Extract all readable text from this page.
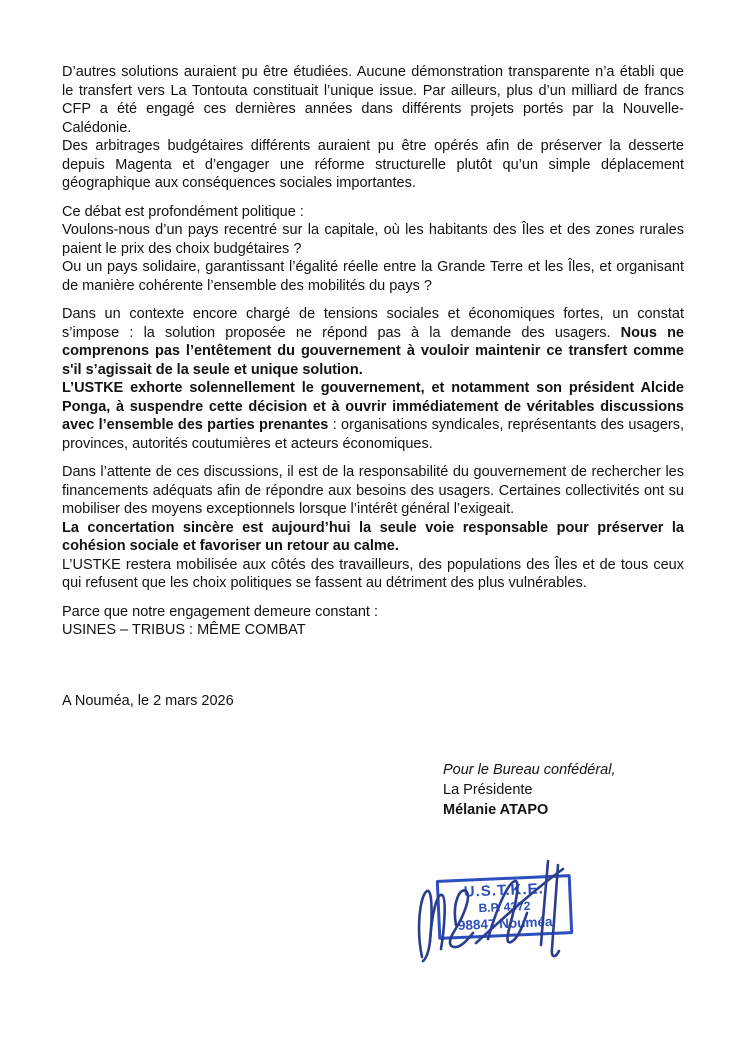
D’autres solutions auraient pu être étudiées. Aucune démonstration transparente n’a établi que le transfert vers La Tontouta constituait l’unique issue. Par ailleurs, plus d’un milliard de francs CFP a été engagé ces dernières années dans différents projets portés par la Nouvelle-Calédonie.

Des arbitrages budgétaires différents auraient pu être opérés afin de préserver la desserte depuis Magenta et d’engager une réforme structurelle plutôt qu’un simple déplacement géographique aux conséquences sociales importantes.

Ce débat est profondément politique :

Voulons-nous d’un pays recentré sur la capitale, où les habitants des Îles et des zones rurales paient le prix des choix budgétaires ?

Ou un pays solidaire, garantissant l’égalité réelle entre la Grande Terre et les Îles, et organisant de manière cohérente l’ensemble des mobilités du pays ?

Dans un contexte encore chargé de tensions sociales et économiques fortes, un constat s’impose : la solution proposée ne répond pas à la demande des usagers. Nous ne comprenons pas l’entêtement du gouvernement à vouloir maintenir ce transfert comme s'il s’agissait de la seule et unique solution.

L’USTKE exhorte solennellement le gouvernement, et notamment son président Alcide Ponga, à suspendre cette décision et à ouvrir immédiatement de véritables discussions avec l’ensemble des parties prenantes : organisations syndicales, représentants des usagers, provinces, autorités coutumières et acteurs économiques.

Dans l’attente de ces discussions, il est de la responsabilité du gouvernement de rechercher les financements adéquats afin de répondre aux besoins des usagers. Certaines collectivités ont su mobiliser des moyens exceptionnels lorsque l’intérêt général l’exigeait.

La concertation sincère est aujourd’hui la seule voie responsable pour préserver la cohésion sociale et favoriser un retour au calme.

L’USTKE restera mobilisée aux côtés des travailleurs, des populations des Îles et de tous ceux qui refusent que les choix politiques se fassent au détriment des plus vulnérables.

Parce que notre engagement demeure constant :

USINES – TRIBUS : MÊME COMBAT

A Nouméa, le 2 mars 2026

Pour le Bureau confédéral,

La Présidente

Mélanie ATAPO

U.S.T.K.E.
B.P. 4372
98847 Nouméa
